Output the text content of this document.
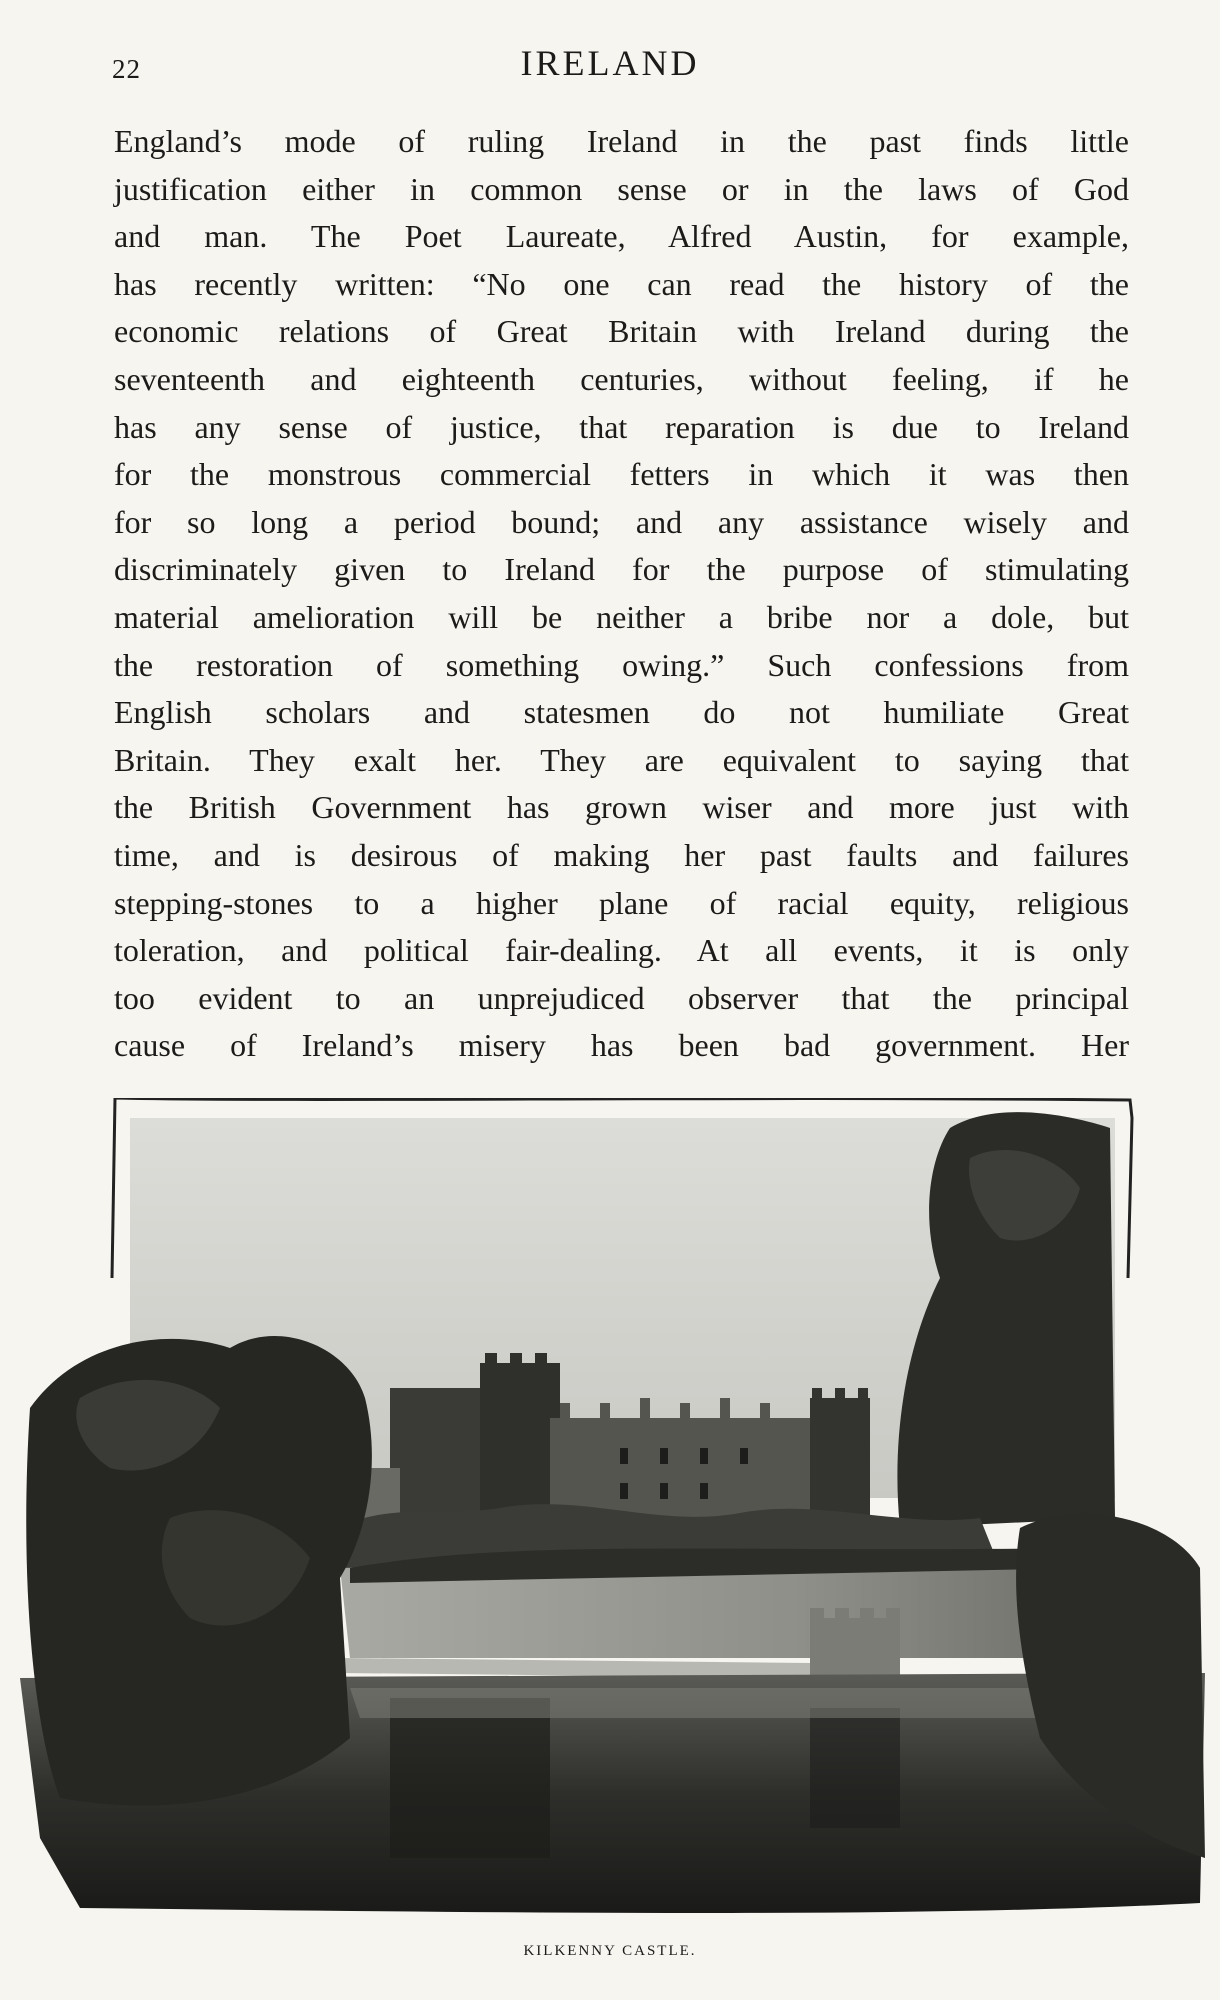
22	IRELAND
England’s mode of ruling Ireland in the past finds little
justification either in common sense or in the laws of God
and man. The Poet Laureate, Alfred Austin, for example,
has recently written: “No one can read the history of the
economic relations of Great Britain with Ireland during the
seventeenth and eighteenth centuries, without feeling, if he
has any sense of justice, that reparation is due to Ireland
for the monstrous commercial fetters in which it was then
for so long a period bound; and any assistance wisely and
discriminately given to Ireland for the purpose of stimulating
material amelioration will be neither a bribe nor a dole, but
the restoration of something owing.” Such confessions from
English scholars and statesmen do not humiliate Great
Britain. They exalt her. They are equivalent to saying that
the British Government has grown wiser and more just with
time, and is desirous of making her past faults and failures
stepping-stones to a higher plane of racial equity, religious
toleration, and political fair-dealing. At all events, it is only
too evident to an unprejudiced observer that the principal
cause of Ireland’s misery has been bad government. Her
KILKENNY CASTLE.
